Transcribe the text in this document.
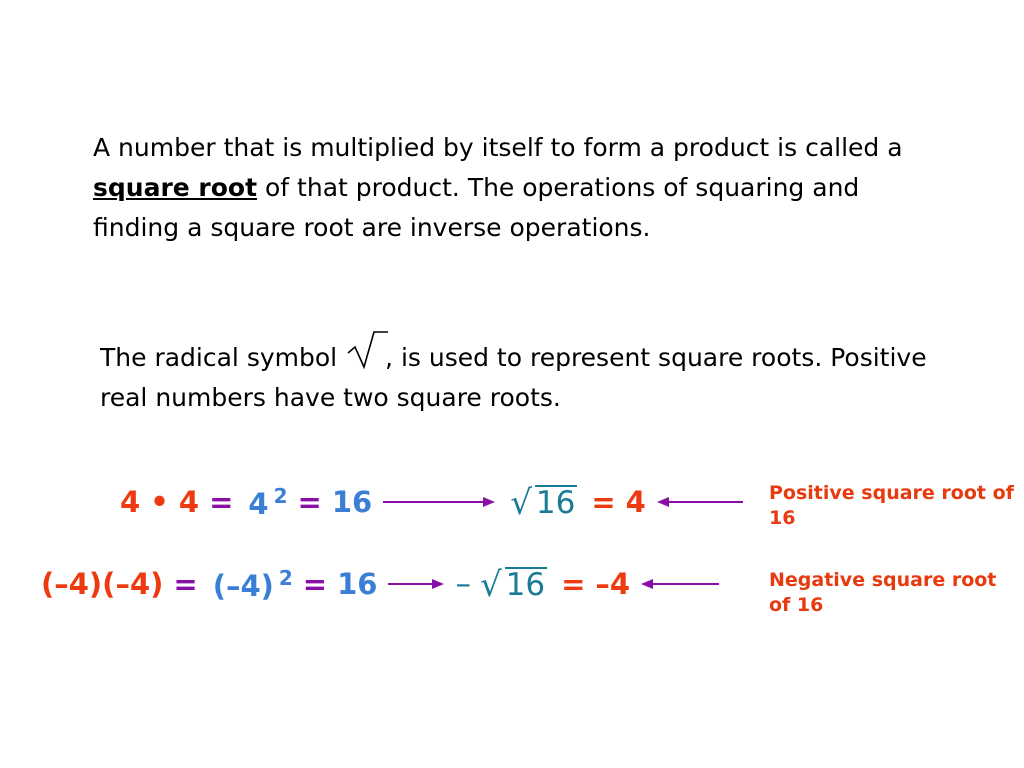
A number that is multiplied by itself to form a product is called a square root of that product. The operations of squaring and finding a square root are inverse operations.
The radical symbol
, is used to represent square roots. Positive real numbers have two square roots.
4 • 4 = 4 $^2$ = 16	√ 16 = 4
(–4)(–4) = (–4) $^2$ = 16	– √ 16 = –4
Positive square root of 16
Negative square root of 16
